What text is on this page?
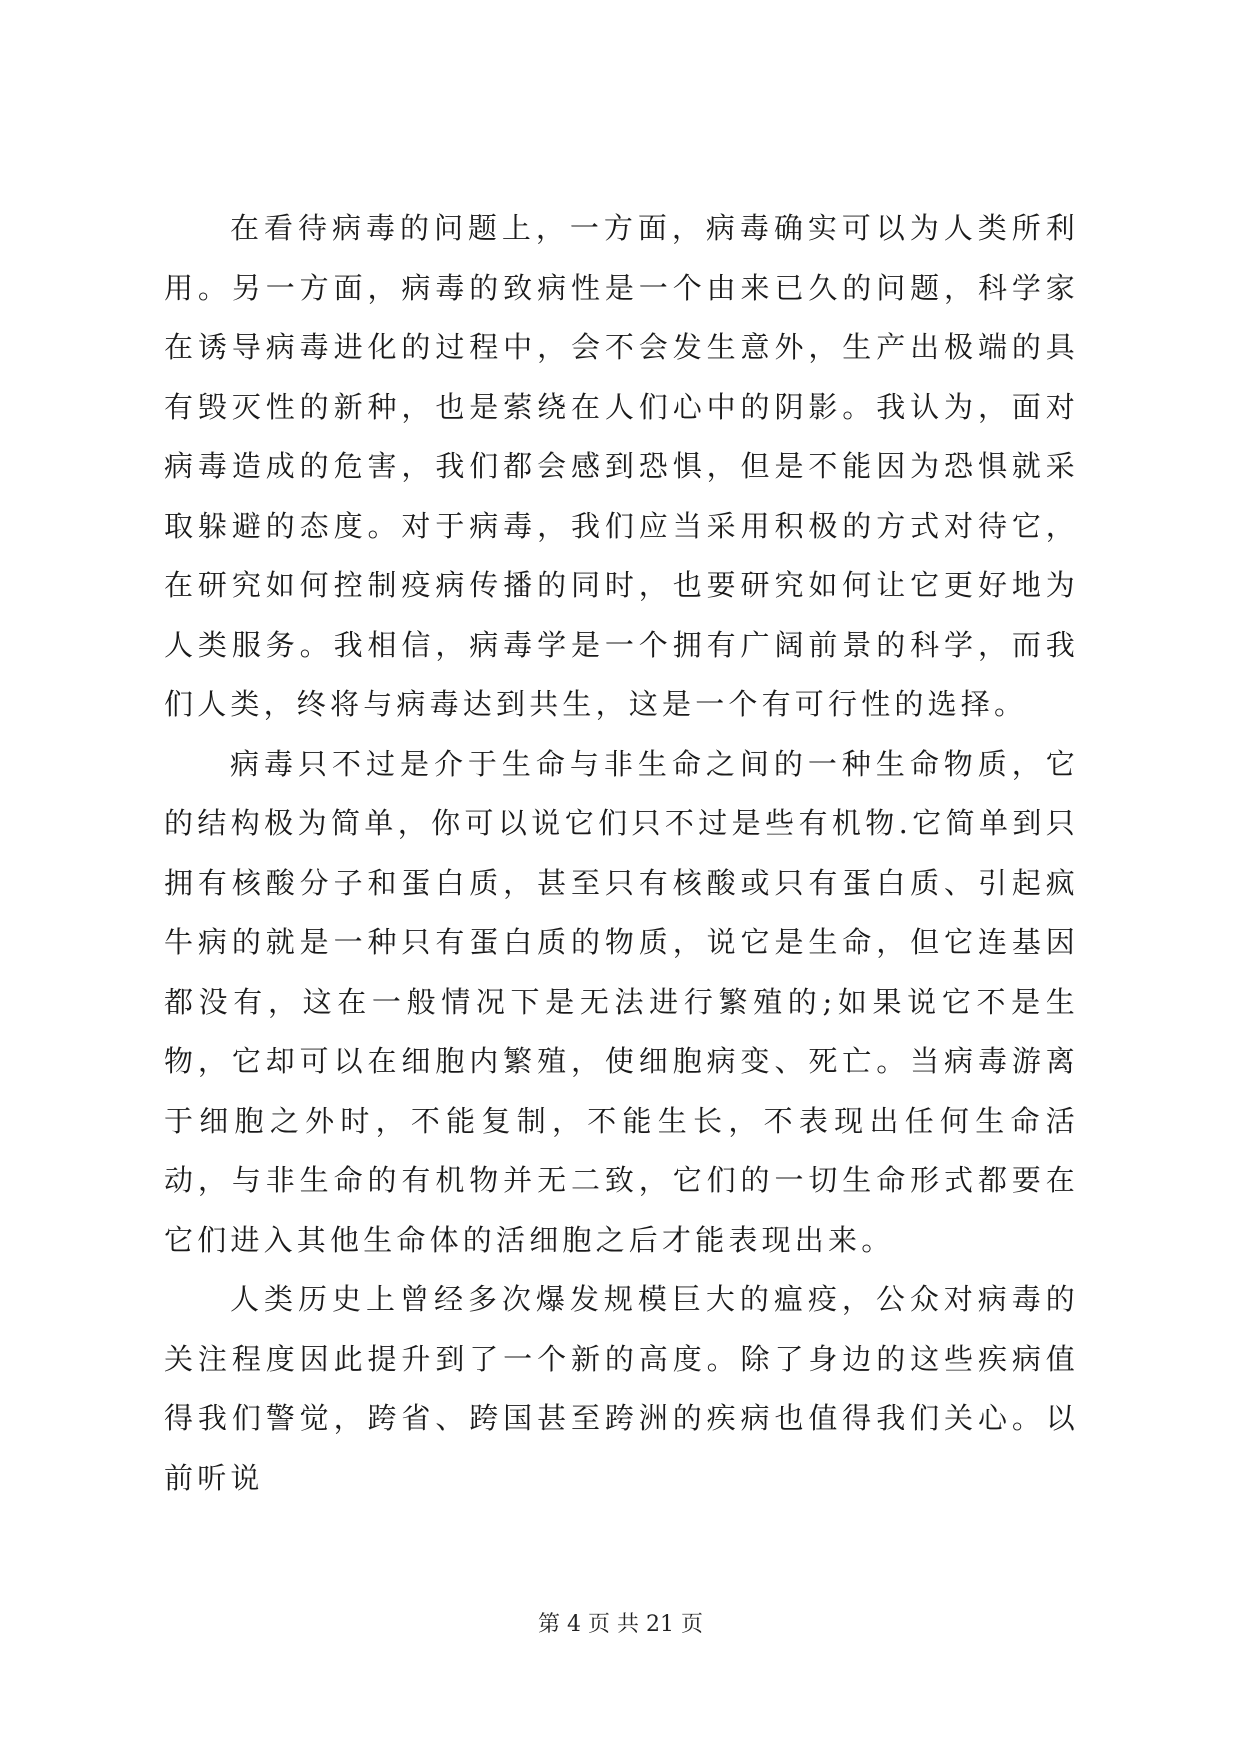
在看待病毒的问题上，一方面，病毒确实可以为人类所利用。另一方面，病毒的致病性是一个由来已久的问题，科学家在诱导病毒进化的过程中，会不会发生意外，生产出极端的具有毁灭性的新种，也是萦绕在人们心中的阴影。我认为，面对病毒造成的危害，我们都会感到恐惧，但是不能因为恐惧就采取躲避的态度。对于病毒，我们应当采用积极的方式对待它，在研究如何控制疫病传播的同时，也要研究如何让它更好地为人类服务。我相信，病毒学是一个拥有广阔前景的科学，而我们人类，终将与病毒达到共生，这是一个有可行性的选择。

病毒只不过是介于生命与非生命之间的一种生命物质，它的结构极为简单，你可以说它们只不过是些有机物.它简单到只拥有核酸分子和蛋白质，甚至只有核酸或只有蛋白质、引起疯牛病的就是一种只有蛋白质的物质，说它是生命，但它连基因都没有，这在一般情况下是无法进行繁殖的;如果说它不是生物，它却可以在细胞内繁殖，使细胞病变、死亡。当病毒游离于细胞之外时，不能复制，不能生长，不表现出任何生命活动，与非生命的有机物并无二致，它们的一切生命形式都要在它们进入其他生命体的活细胞之后才能表现出来。

人类历史上曾经多次爆发规模巨大的瘟疫，公众对病毒的关注程度因此提升到了一个新的高度。除了身边的这些疾病值得我们警觉，跨省、跨国甚至跨洲的疾病也值得我们关心。以前听说

第 4 页 共 21 页
